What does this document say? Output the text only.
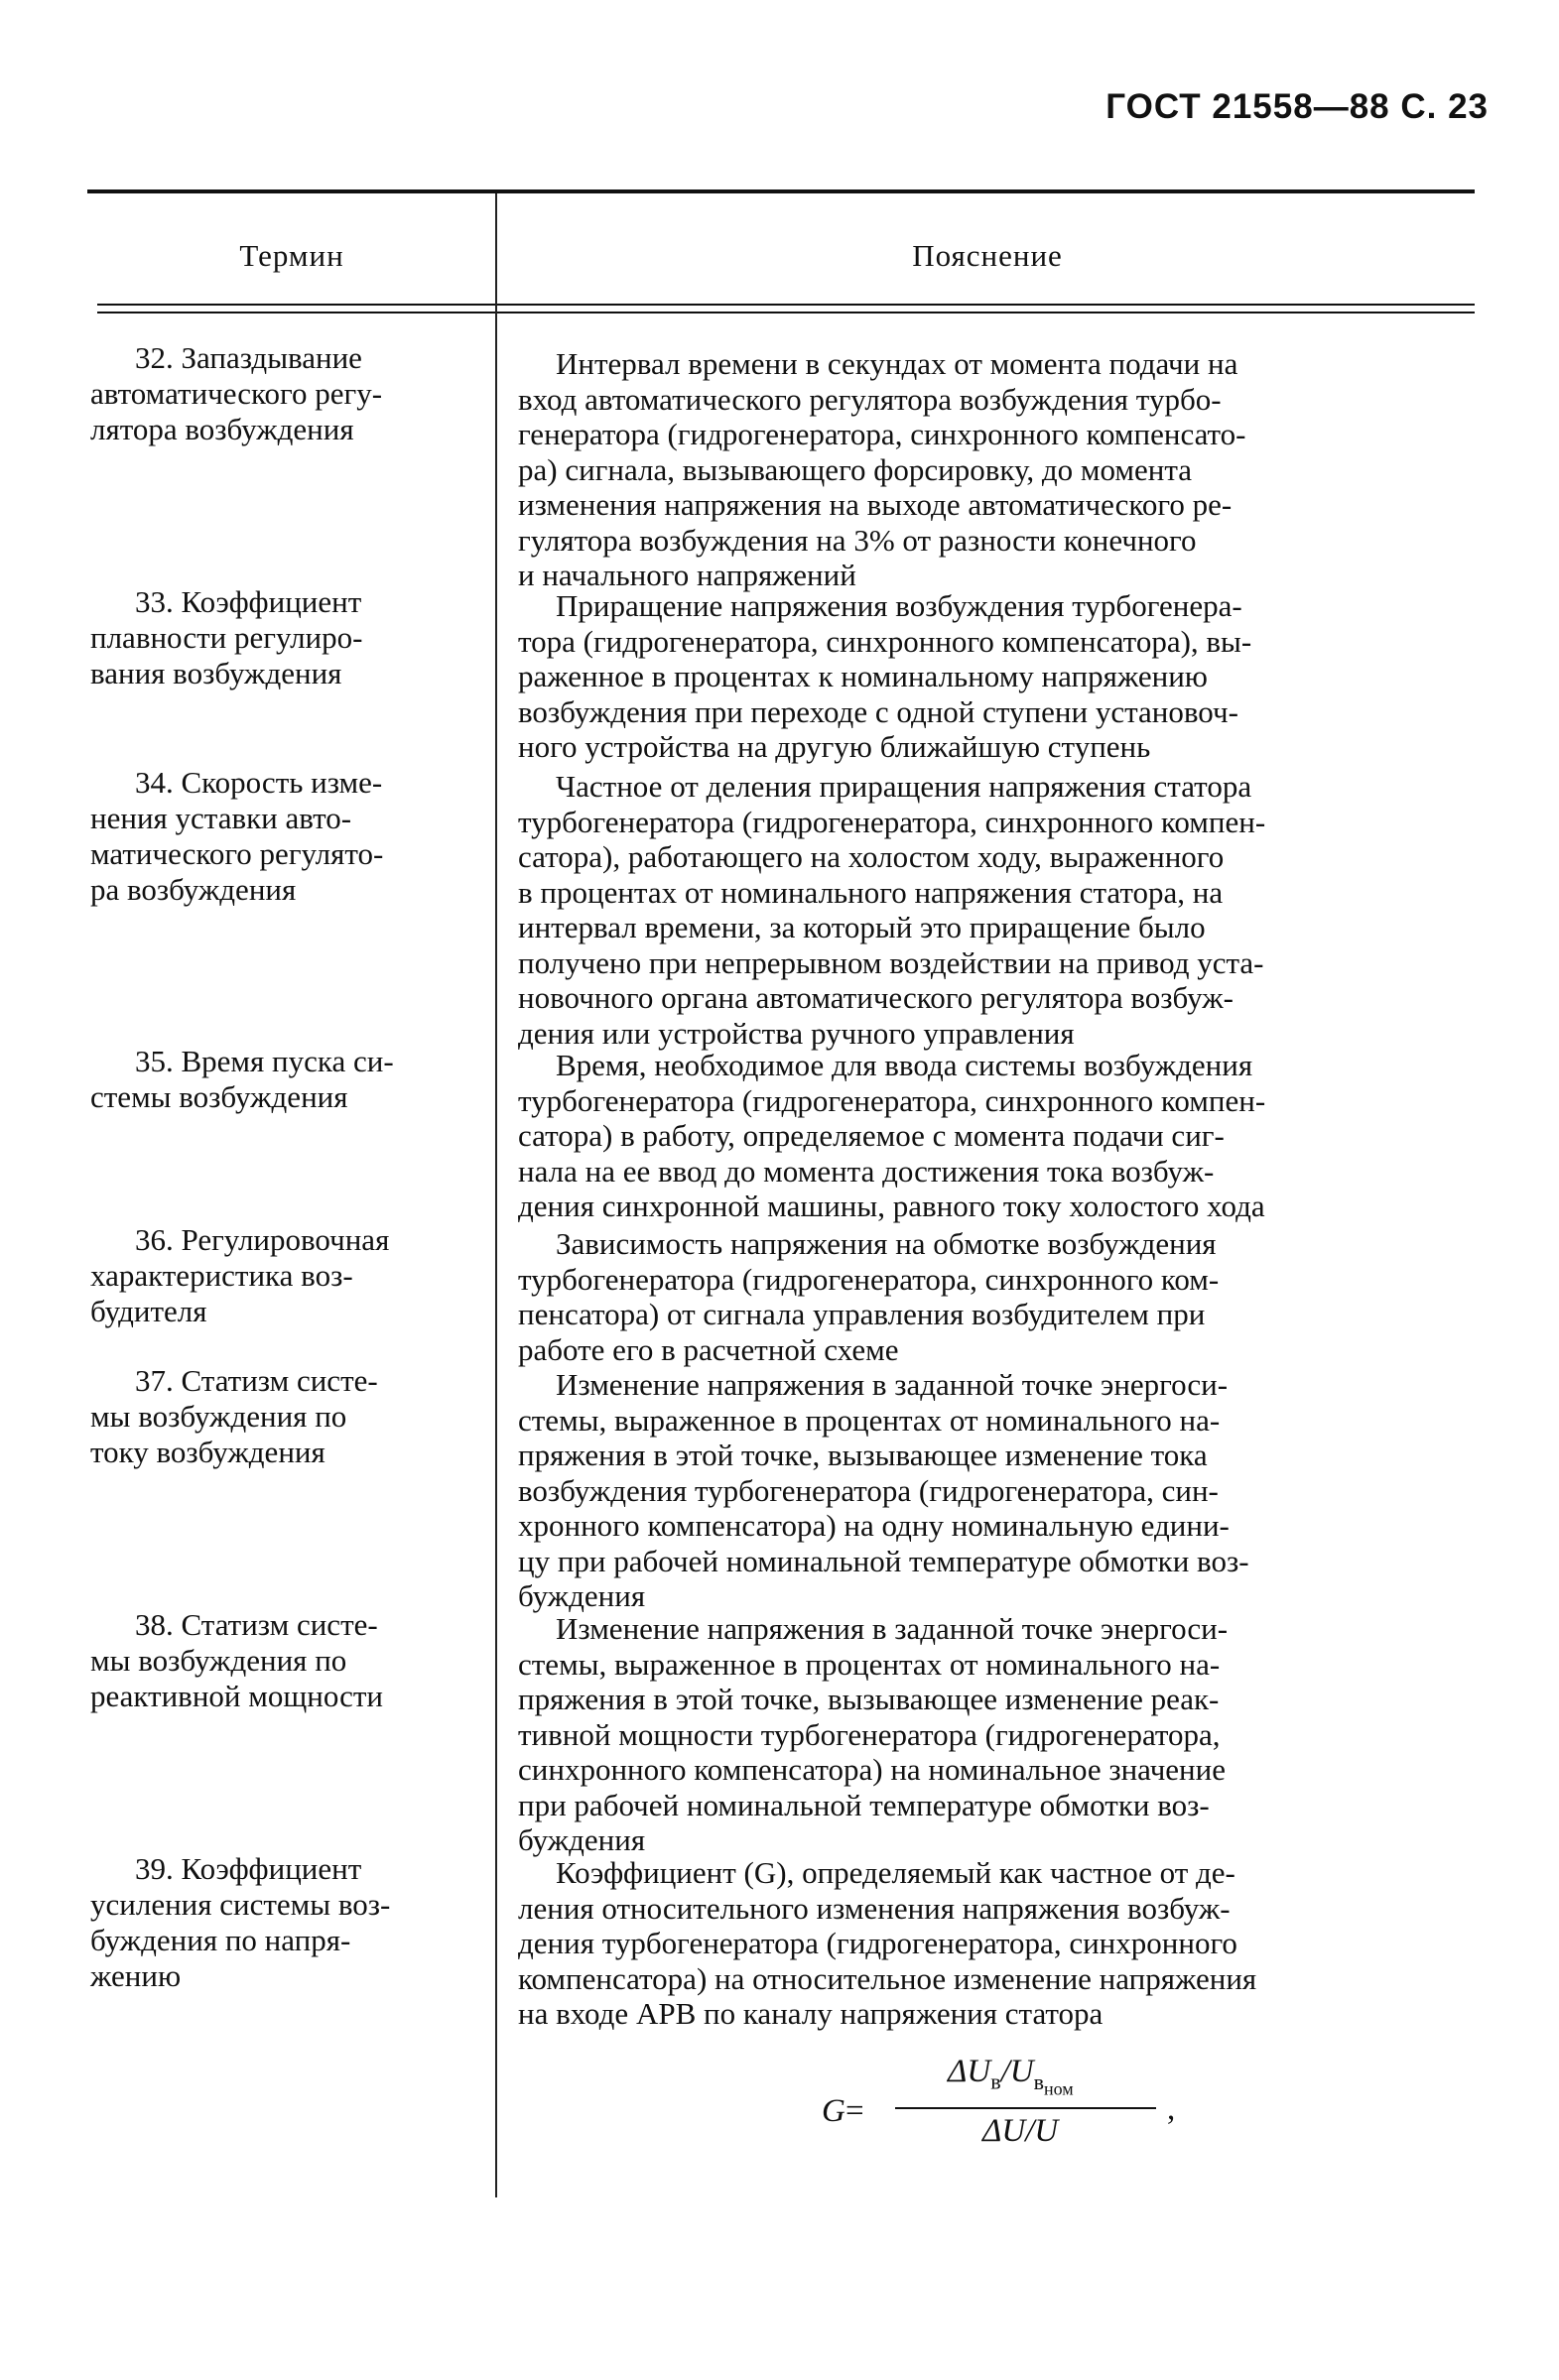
ГОСТ 21558—88 С. 23
Термин	Пояснение
32. Запаздывание
автоматического регу-
лятора возбуждения
Интервал времени в секундах от момента подачи на
вход автоматического регулятора возбуждения турбо-
генератора (гидрогенератора, синхронного компенсато-
ра) сигнала, вызывающего форсировку, до момента
изменения напряжения на выходе автоматического ре-
гулятора возбуждения на 3% от разности конечного
и начального напряжений
33. Коэффициент
плавности регулиро-
вания возбуждения
Приращение напряжения возбуждения турбогенера-
тора (гидрогенератора, синхронного компенсатора), вы-
раженное в процентах к номинальному напряжению
возбуждения при переходе с одной ступени установоч-
ного устройства на другую ближайшую ступень
34. Скорость изме-
нения уставки авто-
матического регулято-
ра возбуждения
Частное от деления приращения напряжения статора
турбогенератора (гидрогенератора, синхронного компен-
сатора), работающего на холостом ходу, выраженного
в процентах от номинального напряжения статора, на
интервал времени, за который это приращение было
получено при непрерывном воздействии на привод уста-
новочного органа автоматического регулятора возбуж-
дения или устройства ручного управления
35. Время пуска си-
стемы возбуждения
Время, необходимое для ввода системы возбуждения
турбогенератора (гидрогенератора, синхронного компен-
сатора) в работу, определяемое с момента подачи сиг-
нала на ее ввод до момента достижения тока возбуж-
дения синхронной машины, равного току холостого хода
36. Регулировочная
характеристика воз-
будителя
Зависимость напряжения на обмотке возбуждения
турбогенератора (гидрогенератора, синхронного ком-
пенсатора) от сигнала управления возбудителем при
работе его в расчетной схеме
37. Статизм систе-
мы возбуждения по
току возбуждения
Изменение напряжения в заданной точке энергоси-
стемы, выраженное в процентах от номинального на-
пряжения в этой точке, вызывающее изменение тока
возбуждения турбогенератора (гидрогенератора, син-
хронного компенсатора) на одну номинальную едини-
цу при рабочей номинальной температуре обмотки воз-
буждения
38. Статизм систе-
мы возбуждения по
реактивной мощности
Изменение напряжения в заданной точке энергоси-
стемы, выраженное в процентах от номинального на-
пряжения в этой точке, вызывающее изменение реак-
тивной мощности турбогенератора (гидрогенератора,
синхронного компенсатора) на номинальное значение
при рабочей номинальной температуре обмотки воз-
буждения
39. Коэффициент
усиления системы воз-
буждения по напря-
жению
Коэффициент (G), определяемый как частное от де-
ления относительного изменения напряжения возбуж-
дения турбогенератора (гидрогенератора, синхронного
компенсатора) на относительное изменение напряжения
на входе АРВ по каналу напряжения статора
G =
$\Delta U_в/U_{в_{ном}}$
ΔU/U
,
